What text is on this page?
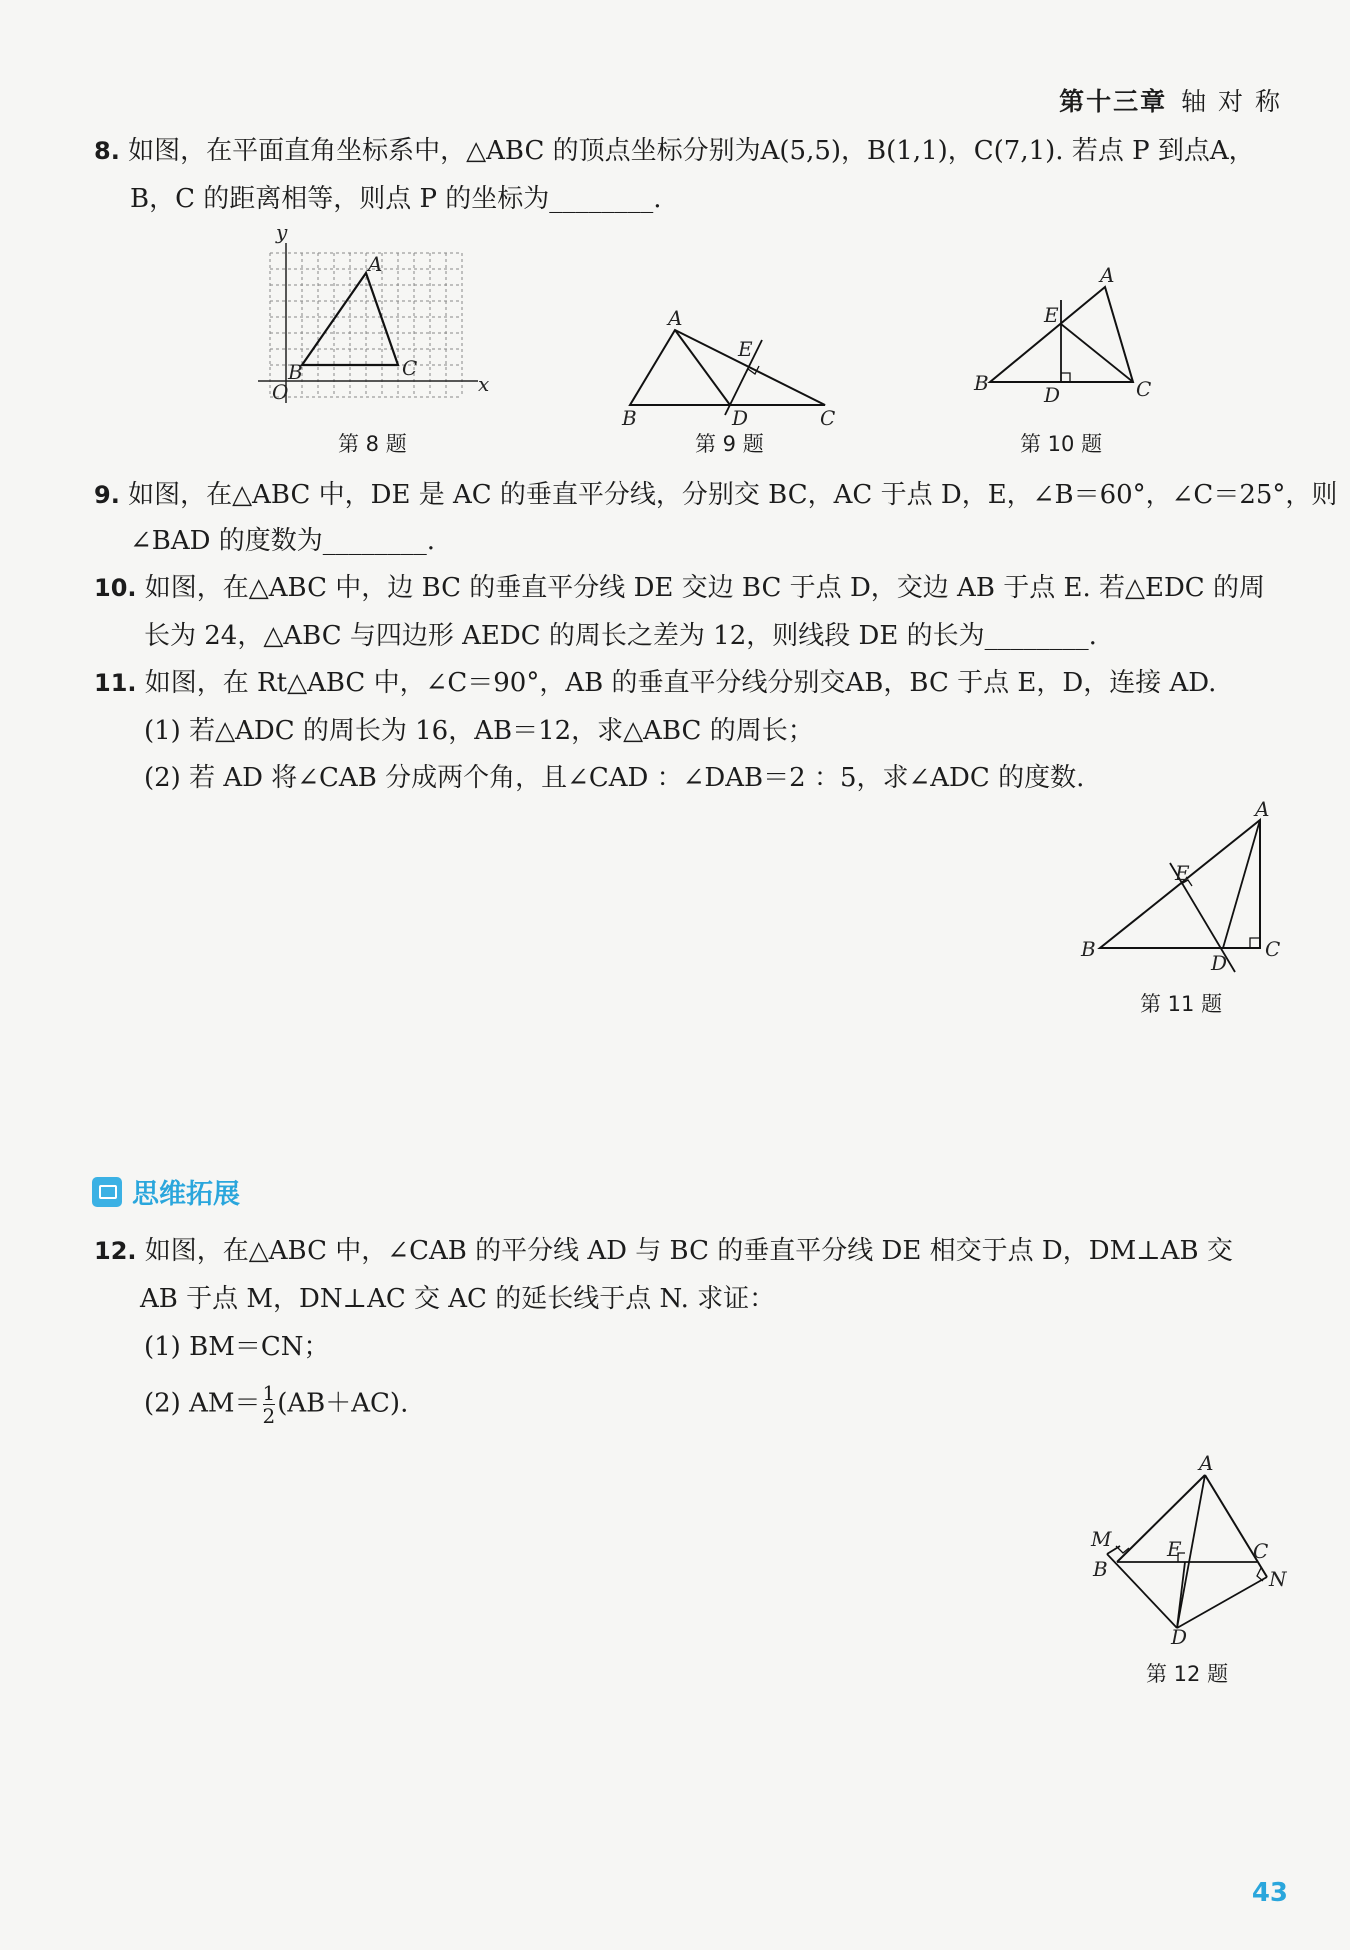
第十三章 轴 对 称
8. 如图，在平面直角坐标系中，△ABC 的顶点坐标分别为A(5,5)，B(1,1)，C(7,1). 若点 P 到点A，
B，C 的距离相等，则点 P 的坐标为________.
y
x
O
A
B	C
第 8 题
A
B	C
D
E
第 9 题
A
B	C
D
E
第 10 题
9. 如图，在△ABC 中，DE 是 AC 的垂直平分线，分别交 BC，AC 于点 D，E，∠B＝60°，∠C＝25°，则
∠BAD 的度数为________.
10. 如图，在△ABC 中，边 BC 的垂直平分线 DE 交边 BC 于点 D，交边 AB 于点 E. 若△EDC 的周
长为 24，△ABC 与四边形 AEDC 的周长之差为 12，则线段 DE 的长为________.
11. 如图，在 Rt△ABC 中，∠C＝90°，AB 的垂直平分线分别交AB，BC 于点 E，D，连接 AD.
(1) 若△ADC 的周长为 16，AB＝12，求△ABC 的周长；
(2) 若 AD 将∠CAB 分成两个角，且∠CAD ：∠DAB＝2 ：5，求∠ADC 的度数.
A
B	C
D
E
第 11 题
思维拓展
12. 如图，在△ABC 中，∠CAB 的平分线 AD 与 BC 的垂直平分线 DE 相交于点 D，DM⊥AB 交
AB 于点 M，DN⊥AC 交 AC 的延长线于点 N. 求证：
(1) BM＝CN；
(2) $AM= \frac{1}{2} (AB+AC)$.
A
B
C
D
E
M
N
第 12 题
43
